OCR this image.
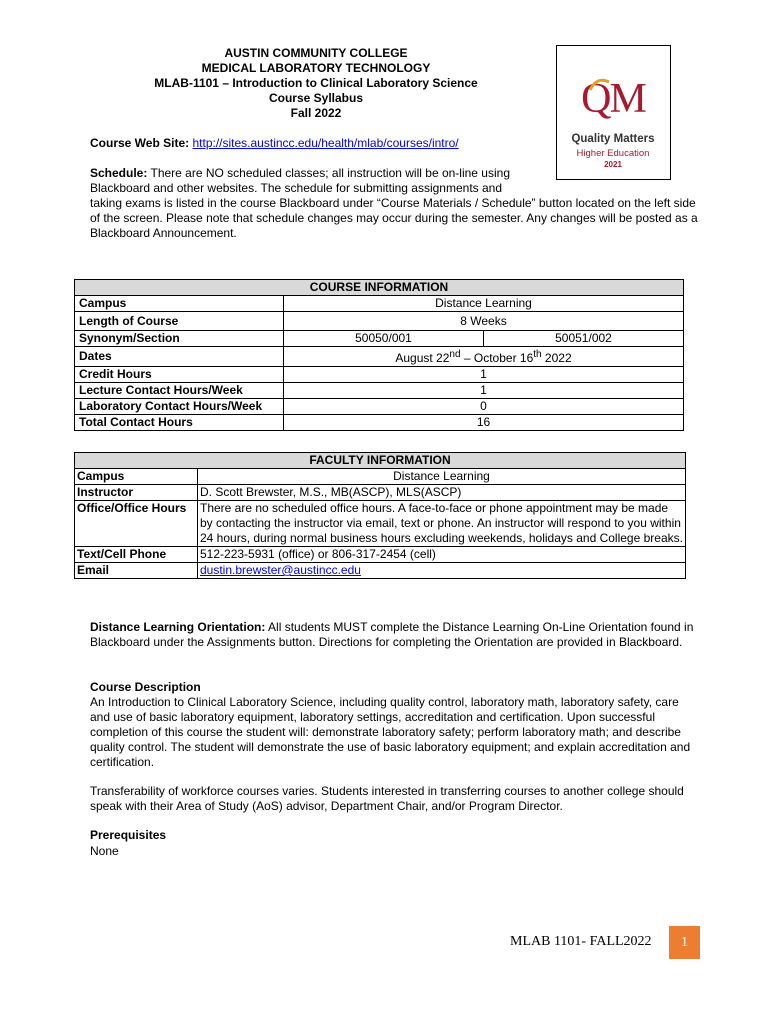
AUSTIN COMMUNITY COLLEGE
MEDICAL LABORATORY TECHNOLOGY
MLAB-1101 – Introduction to Clinical Laboratory Science
Course Syllabus
Fall 2022	QM
Quality Matters
Higher Education
2021
Course Web Site: http://sites.austincc.edu/health/mlab/courses/intro/
Schedule: There are NO scheduled classes; all instruction will be on-line using Blackboard and other websites. The schedule for submitting assignments and
taking exams is listed in the course Blackboard under “Course Materials / Schedule” button located on the left side of the screen. Please note that schedule changes may occur during the semester. Any changes will be posted as a Blackboard Announcement.
COURSE INFORMATION		
Campus	Distance Learning	
Length of Course	8 Weeks	
Synonym/Section	50050/001	50051/002
Dates	August 22nd – October 16th 2022	
Credit Hours	1	
Lecture Contact Hours/Week	1	
Laboratory Contact Hours/Week	0	
Total Contact Hours	16	
FACULTY INFORMATION	
Campus	Distance Learning
Instructor	D. Scott Brewster, M.S., MB(ASCP), MLS(ASCP)
Office/Office Hours	There are no scheduled office hours. A face-to-face or phone appointment may be made by contacting the instructor via email, text or phone. An instructor will respond to you within 24 hours, during normal business hours excluding weekends, holidays and College breaks.
Text/Cell Phone	512-223-5931 (office) or 806-317-2454 (cell)
Email	dustin.brewster@austincc.edu
Distance Learning Orientation: All students MUST complete the Distance Learning On-Line Orientation found in Blackboard under the Assignments button. Directions for completing the Orientation are provided in Blackboard.
Course Description
An Introduction to Clinical Laboratory Science, including quality control, laboratory math, laboratory safety, care and use of basic laboratory equipment, laboratory settings, accreditation and certification. Upon successful completion of this course the student will: demonstrate laboratory safety; perform laboratory math; and describe quality control. The student will demonstrate the use of basic laboratory equipment; and explain accreditation and certification.
Transferability of workforce courses varies. Students interested in transferring courses to another college should speak with their Area of Study (AoS) advisor, Department Chair, and/or Program Director.
Prerequisites
None
MLAB 1101- FALL2022 1
